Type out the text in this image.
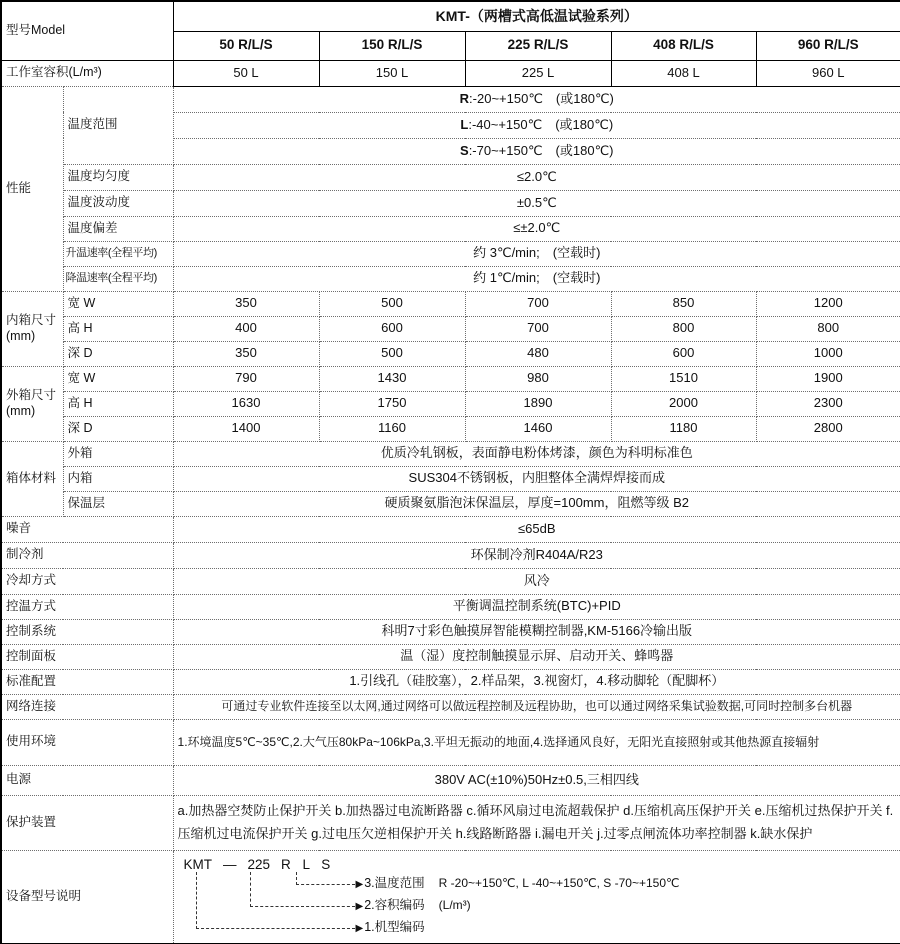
型号Model		KMT-（两槽式高低温试验系列）				
		50 R/L/S	150 R/L/S	225 R/L/S	408 R/L/S	960 R/L/S
工作室容积(L/m³)		50 L	150 L	225 L	408 L	960 L
性能	温度范围	R:-20~+150℃　(或180℃)				
		L:-40~+150℃　(或180℃)				
		S:-70~+150℃　(或180℃)				
	温度均匀度	≤2.0℃				
	温度波动度	±0.5℃				
	温度偏差	≤±2.0℃				
	升温速率(全程平均)	约 3℃/min;　(空载时)				
	降温速率(全程平均)	约 1℃/min;　(空载时)				
内箱尺寸(mm)	宽 W	350	500	700	850	1200
	高 H	400	600	700	800	800
	深 D	350	500	480	600	1000
外箱尺寸(mm)	宽 W	790	1430	980	1510	1900
	高 H	1630	1750	1890	2000	2300
	深 D	1400	1160	1460	1180	2800
箱体材料	外箱	优质冷轧钢板，表面静电粉体烤漆，颜色为科明标准色				
	内箱	SUS304不锈钢板，内胆整体全满焊焊接而成				
	保温层	硬质聚氨脂泡沫保温层，厚度=100mm，阻燃等级 B2				
噪音		≤65dB				
制冷剂		环保制冷剂R404A/R23				
冷却方式		风冷				
控温方式		平衡调温控制系统(BTC)+PID				
控制系统		科明7寸彩色触摸屏智能模糊控制器,KM-5166冷输出版				
控制面板		温（湿）度控制触摸显示屏、启动开关、蜂鸣器				
标准配置		1.引线孔（硅胶塞），2.样品架，3.视窗灯，4.移动脚轮（配脚杯）				
网络连接		可通过专业软件连接至以太网,通过网络可以做远程控制及远程协助，也可以通过网络采集试验数据,可同时控制多台机器				
使用环境		1.环境温度5℃~35℃,2.大气压80kPa~106kPa,3.平坦无振动的地面,4.选择通风良好，无阳光直接照射或其他热源直接辐射				
电源		380V AC(±10%)50Hz±0.5,三相四线				
保护装置		a.加热器空焚防止保护开关 b.加热器过电流断路器 c.循环风扇过电流超载保护 d.压缩机高压保护开关 e.压缩机过热保护开关 f.压缩机过电流保护开关 g.过电压欠逆相保护开关 h.线路断路器 i.漏电开关 j.过零点闸流体功率控制器 k.缺水保护				
设备型号说明		KMT — 225 R L S
▶3.温度范围 R -20~+150℃, L -40~+150℃, S -70~+150℃
▶2.容积编码 (L/m³)
▶1.机型编码				
